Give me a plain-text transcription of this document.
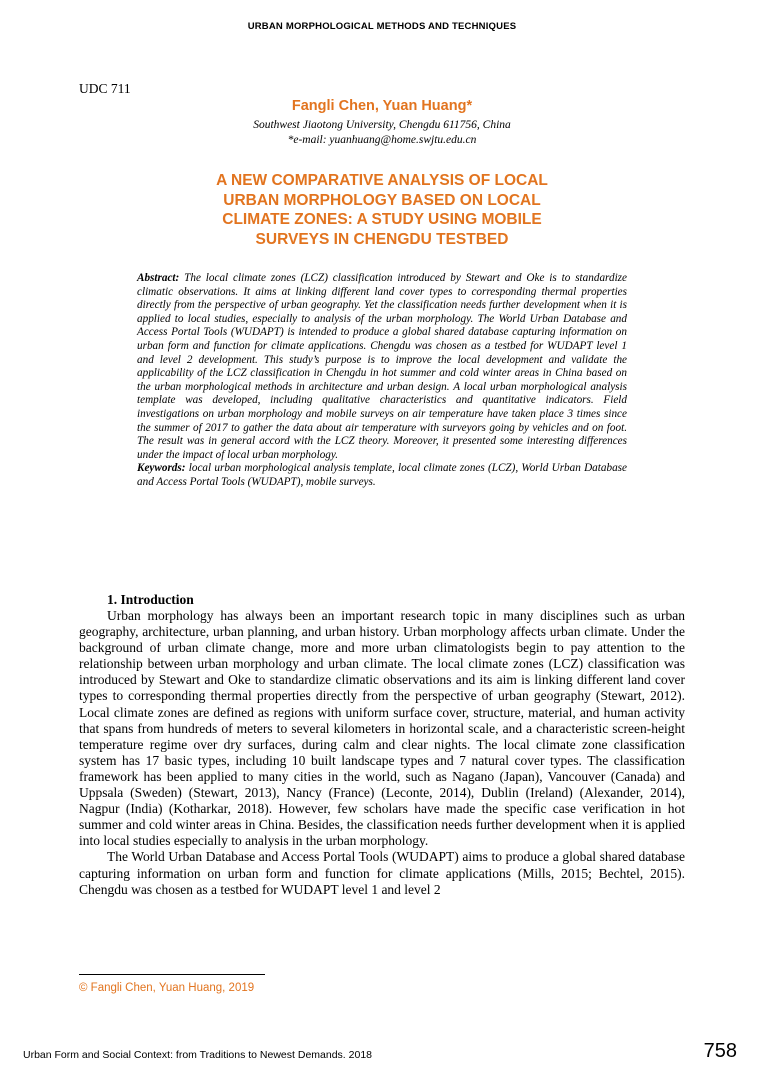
URBAN MORPHOLOGICAL METHODS AND TECHNIQUES
UDC 711
Fangli Chen, Yuan Huang*
Southwest Jiaotong University, Chengdu 611756, China
*e-mail: yuanhuang@home.swjtu.edu.cn
A NEW COMPARATIVE ANALYSIS OF LOCAL
URBAN MORPHOLOGY BASED ON LOCAL
CLIMATE ZONES: A STUDY USING MOBILE
SURVEYS IN CHENGDU TESTBED

Abstract: The local climate zones (LCZ) classification introduced by Stewart and Oke is to standardize climatic observations. It aims at linking different land cover types to corresponding thermal properties directly from the perspective of urban geography. Yet the classification needs further development when it is applied to local studies, especially to analysis of the urban morphology. The World Urban Database and Access Portal Tools (WUDAPT) is intended to produce a global shared database capturing information on urban form and function for climate applications. Chengdu was chosen as a testbed for WUDAPT level 1 and level 2 development. This study’s purpose is to improve the local development and validate the applicability of the LCZ classification in Chengdu in hot summer and cold winter areas in China based on the urban morphological methods in architecture and urban design. A local urban morphological analysis template was developed, including qualitative characteristics and quantitative indicators. Field investigations on urban morphology and mobile surveys on air temperature have taken place 3 times since the summer of 2017 to gather the data about air temperature with surveyors going by vehicles and on foot. The result was in general accord with the LCZ theory. Moreover, it presented some interesting differences under the impact of local urban morphology.

Keywords: local urban morphological analysis template, local climate zones (LCZ), World Urban Database and Access Portal Tools (WUDAPT), mobile surveys.

1. Introduction

Urban morphology has always been an important research topic in many disciplines such as urban geography, architecture, urban planning, and urban history. Urban morphology affects urban climate. Under the background of urban climate change, more and more urban climatologists begin to pay attention to the relationship between urban morphology and urban climate. The local climate zones (LCZ) classification was introduced by Stewart and Oke to standardize climatic observations and its aim is linking different land cover types to corresponding thermal properties directly from the perspective of urban geography (Stewart, 2012). Local climate zones are defined as regions with uniform surface cover, structure, material, and human activity that spans from hundreds of meters to several kilometers in horizontal scale, and a characteristic screen-height temperature regime over dry surfaces, during calm and clear nights. The local climate zone classification system has 17 basic types, including 10 built landscape types and 7 natural cover types. The classification framework has been applied to many cities in the world, such as Nagano (Japan), Vancouver (Canada) and Uppsala (Sweden) (Stewart, 2013), Nancy (France) (Leconte, 2014), Dublin (Ireland) (Alexander, 2014), Nagpur (India) (Kotharkar, 2018). However, few scholars have made the specific case verification in hot summer and cold winter areas in China. Besides, the classification needs further development when it is applied into local studies especially to analysis in the urban morphology.

The World Urban Database and Access Portal Tools (WUDAPT) aims to produce a global shared database capturing information on urban form and function for climate applications (Mills, 2015; Bechtel, 2015). Chengdu was chosen as a testbed for WUDAPT level 1 and level 2

© Fangli Chen, Yuan Huang, 2019
Urban Form and Social Context: from Traditions to Newest Demands. 2018	758
